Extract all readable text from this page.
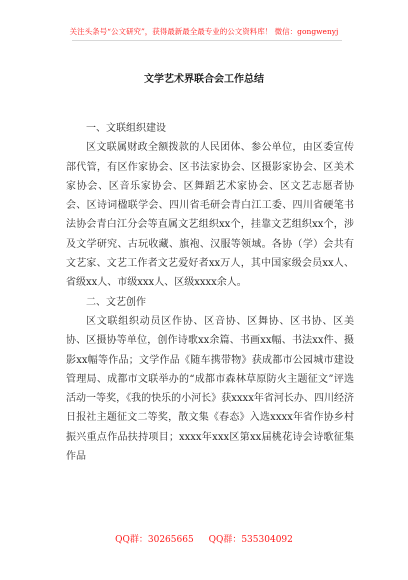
关注头条号“公文研究”，获得最新最全最专业的公文资料库！ 微信：gongwenyj
文学艺术界联合会工作总结

一、文联组织建设

区文联属财政全额拨款的人民团体、参公单位，由区委宣传部代管，有区作家协会、区书法家协会、区摄影家协会、区美术家协会、区音乐家协会、区舞蹈艺术家协会、区文艺志愿者协会、区诗词楹联学会、四川省毛研会青白江工委、四川省硬笔书法协会青白江分会等直属文艺组织xx个，挂靠文艺组织xx个，涉及文学研究、古玩收藏、旗袍、汉服等领域。各协（学）会共有文艺家、文艺工作者文艺爱好者xx万人，其中国家级会员xx人、省级xx人、市级xxx人、区级xxxx余人。

二、文艺创作

区文联组织动员区作协、区音协、区舞协、区书协、区美协、区摄协等单位，创作诗歌xx余篇、书画xx幅、书法xx件、摄影xx幅等作品；文学作品《随车携带物》获成都市公园城市建设管理局、成都市文联举办的“成都市森林草原防火主题征文”评选活动一等奖，《我的快乐的小河长》获xxxx年省河长办、四川经济日报社主题征文二等奖，散文集《春态》入选xxxx年省作协乡村振兴重点作品扶持项目；xxxx年xxx区第xx届桃花诗会诗歌征集作品

QQ群：30265665 QQ群：535304092
